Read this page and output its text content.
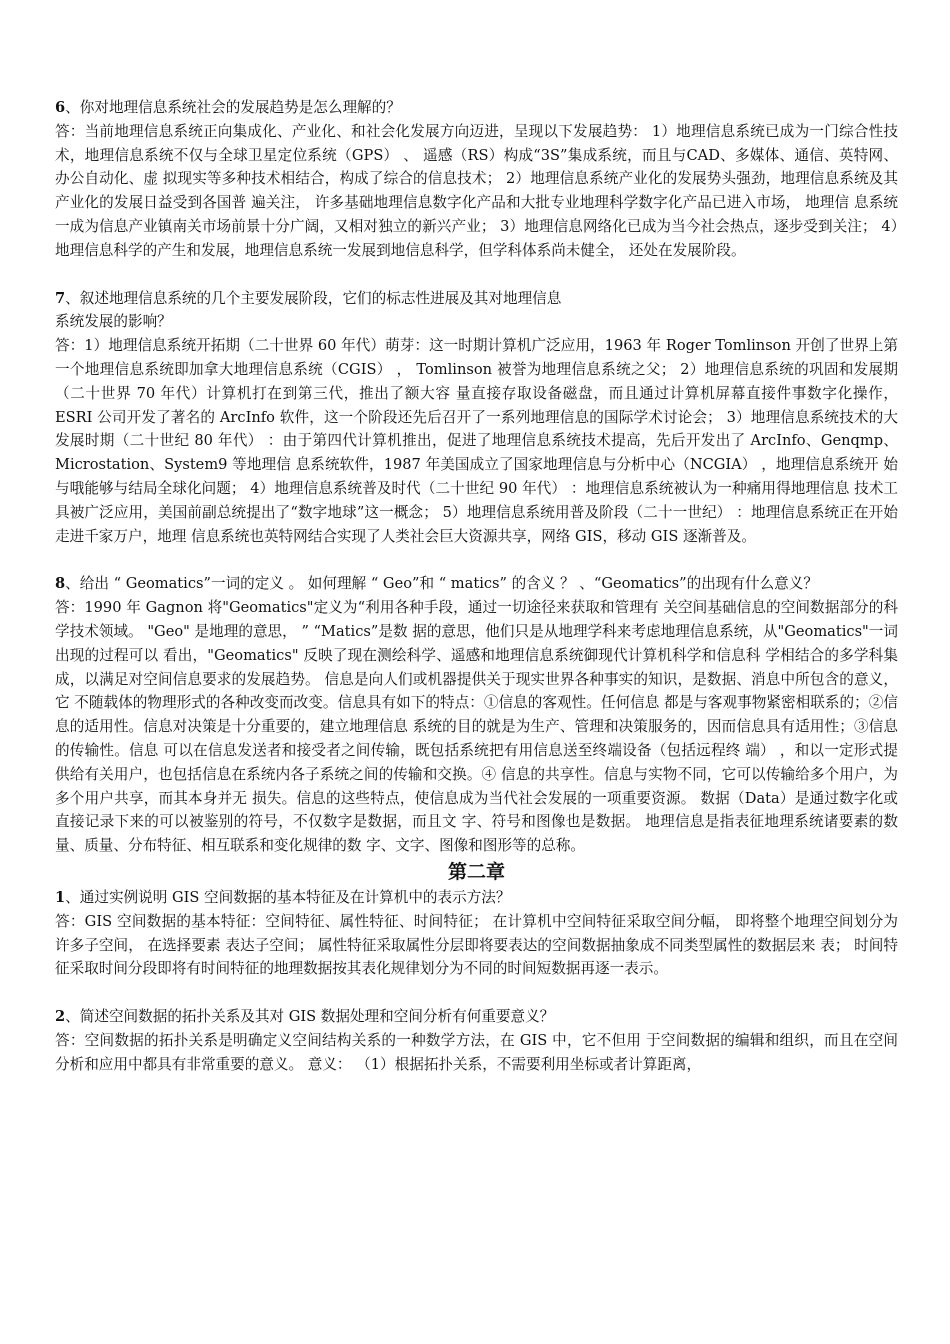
6、你对地理信息系统社会的发展趋势是怎么理解的？

答：当前地理信息系统正向集成化、产业化、和社会化发展方向迈进，呈现以下发展趋势： 1）地理信息系统已成为一门综合性技术，地理信息系统不仅与全球卫星定位系统（GPS） 、 遥感（RS）构成“3S”集成系统，而且与CAD、多媒体、通信、英特网、办公自动化、虚 拟现实等多种技术相结合，构成了综合的信息技术； 2）地理信息系统产业化的发展势头强劲，地理信息系统及其产业化的发展日益受到各国普 遍关注， 许多基础地理信息数字化产品和大批专业地理科学数字化产品已进入市场， 地理信 息系统一成为信息产业镇南关市场前景十分广阔，又相对独立的新兴产业； 3）地理信息网络化已成为当今社会热点，逐步受到关注； 4）地理信息科学的产生和发展，地理信息系统一发展到地信息科学，但学科体系尚未健全， 还处在发展阶段。

7、叙述地理信息系统的几个主要发展阶段，它们的标志性进展及其对地理信息

系统发展的影响？

答：1）地理信息系统开拓期（二十世界 60 年代）萌芽：这一时期计算机广泛应用，1963 年 Roger Tomlinson 开创了世界上第一个地理信息系统即加拿大地理信息系统（CGIS） ， Tomlinson 被誉为地理信息系统之父； 2）地理信息系统的巩固和发展期（二十世界 70 年代）计算机打在到第三代，推出了额大容 量直接存取设备磁盘，而且通过计算机屏幕直接件事数字化操作，ESRI 公司开发了著名的 ArcInfo 软件，这一个阶段还先后召开了一系列地理信息的国际学术讨论会； 3）地理信息系统技术的大发展时期（二十世纪 80 年代） ：由于第四代计算机推出，促进了地理信息系统技术提高，先后开发出了 ArcInfo、Genqmp、Microstation、System9 等地理信 息系统软件，1987 年美国成立了国家地理信息与分析中心（NCGIA） ，地理信息系统开 始与哦能够与结局全球化问题； 4）地理信息系统普及时代（二十世纪 90 年代） ：地理信息系统被认为一种痛用得地理信息 技术工具被广泛应用，美国前副总统提出了“数字地球”这一概念； 5）地理信息系统用普及阶段（二十一世纪） ：地理信息系统正在开始走进千家万户，地理 信息系统也英特网结合实现了人类社会巨大资源共享，网络 GIS，移动 GIS 逐渐普及。

8、给出 “ Geomatics”一词的定义 。 如何理解 “ Geo”和 “ matics” 的含义 ？ 、“Geomatics”的出现有什么意义？

答：1990 年 Gagnon 将"Geomatics"定义为“利用各种手段，通过一切途径来获取和管理有 关空间基础信息的空间数据部分的科学技术领域。 "Geo" 是地理的意思， ” “Matics”是数 据的意思，他们只是从地理学科来考虑地理信息系统，从"Geomatics"一词出现的过程可以 看出，"Geomatics" 反映了现在测绘科学、遥感和地理信息系统御现代计算机科学和信息科 学相结合的多学科集成，以满足对空间信息要求的发展趋势。 信息是向人们或机器提供关于现实世界各种事实的知识，是数据、消息中所包含的意义，它 不随载体的物理形式的各种改变而改变。信息具有如下的特点：①信息的客观性。任何信息 都是与客观事物紧密相联系的；②信息的适用性。信息对决策是十分重要的，建立地理信息 系统的目的就是为生产、管理和决策服务的，因而信息具有适用性；③信息的传输性。信息 可以在信息发送者和接受者之间传输，既包括系统把有用信息送至终端设备（包括远程终 端） ，和以一定形式提供给有关用户，也包括信息在系统内各子系统之间的传输和交换。④ 信息的共享性。信息与实物不同，它可以传输给多个用户，为多个用户共享，而其本身并无 损失。信息的这些特点，使信息成为当代社会发展的一项重要资源。 数据（Data）是通过数字化或直接记录下来的可以被鉴别的符号，不仅数字是数据，而且文 字、符号和图像也是数据。 地理信息是指表征地理系统诸要素的数量、质量、分布特征、相互联系和变化规律的数 字、文字、图像和图形等的总称。

第二章

1、通过实例说明 GIS 空间数据的基本特征及在计算机中的表示方法？

答：GIS 空间数据的基本特征：空间特征、属性特征、时间特征； 在计算机中空间特征采取空间分幅， 即将整个地理空间划分为许多子空间， 在选择要素 表达子空间； 属性特征采取属性分层即将要表达的空间数据抽象成不同类型属性的数据层来 表； 时间特征采取时间分段即将有时间特征的地理数据按其表化规律划分为不同的时间短数据再逐一表示。

2、简述空间数据的拓扑关系及其对 GIS 数据处理和空间分析有何重要意义？

答：空间数据的拓扑关系是明确定义空间结构关系的一种数学方法，在 GIS 中，它不但用 于空间数据的编辑和组织，而且在空间分析和应用中都具有非常重要的意义。 意义： （1）根据拓扑关系，不需要利用坐标或者计算距离，
